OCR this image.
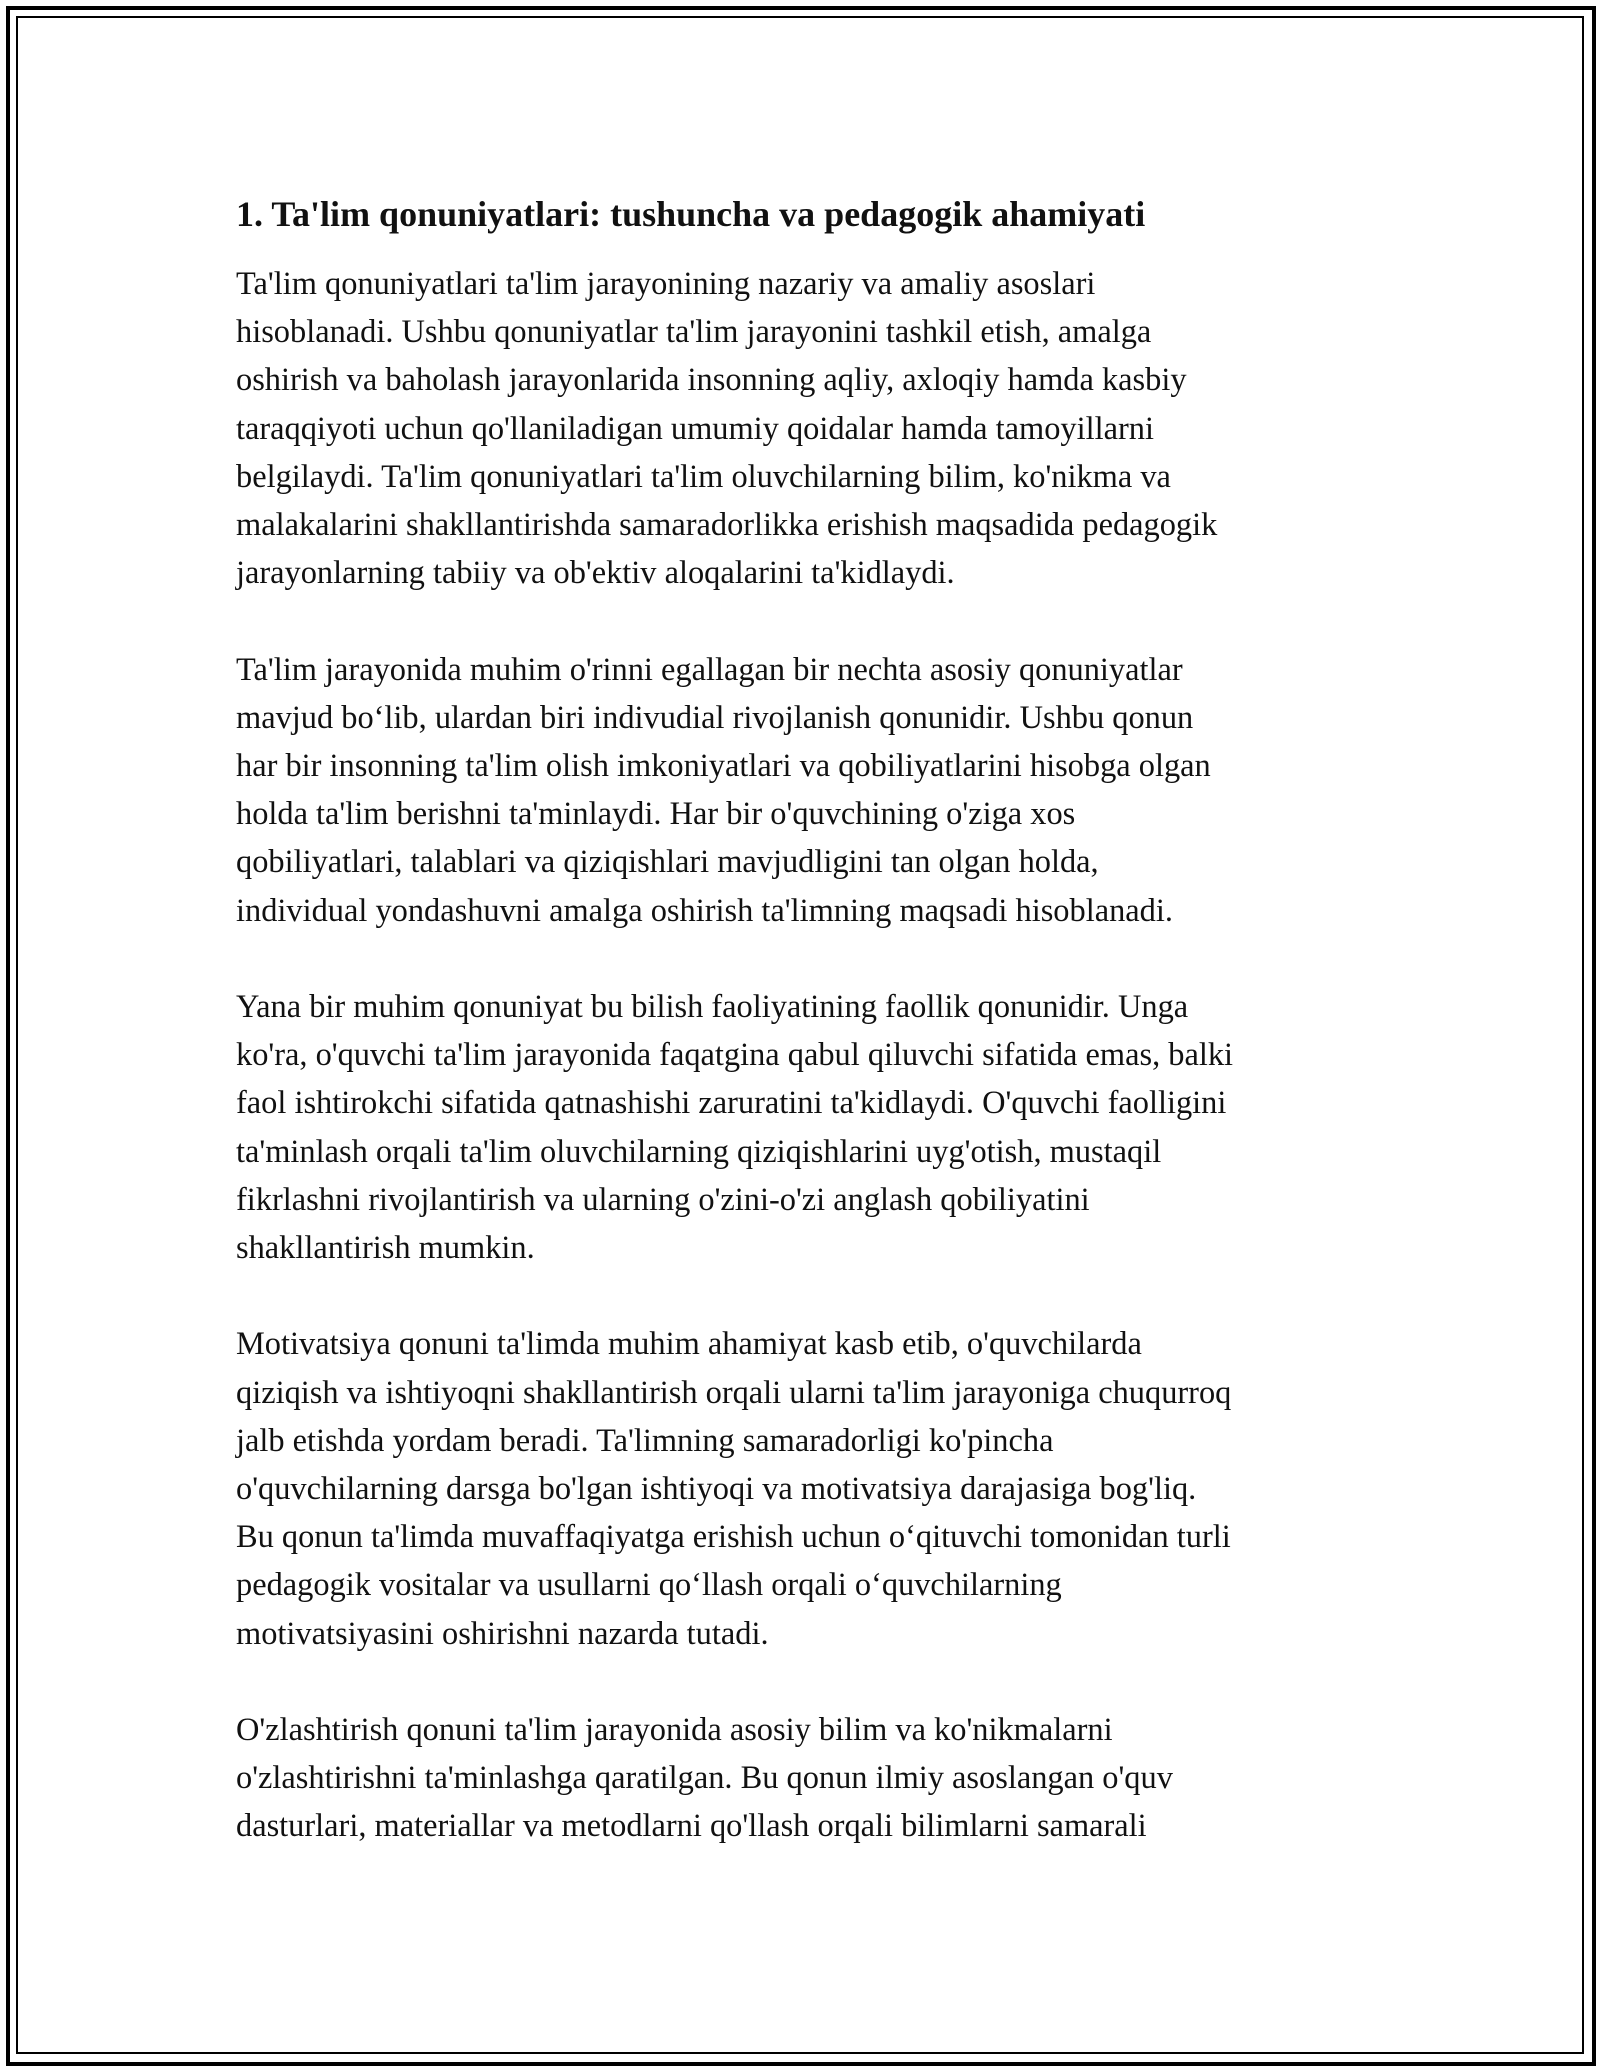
1. Ta'lim qonuniyatlari: tushuncha va pedagogik ahamiyati
Ta'lim qonuniyatlari ta'lim jarayonining nazariy va amaliy asoslari
hisoblanadi. Ushbu qonuniyatlar ta'lim jarayonini tashkil etish, amalga
oshirish va baholash jarayonlarida insonning aqliy, axloqiy hamda kasbiy
taraqqiyoti uchun qo'llaniladigan umumiy qoidalar hamda tamoyillarni
belgilaydi. Ta'lim qonuniyatlari ta'lim oluvchilarning bilim, ko'nikma va
malakalarini shakllantirishda samaradorlikka erishish maqsadida pedagogik
jarayonlarning tabiiy va ob'ektiv aloqalarini ta'kidlaydi.
Ta'lim jarayonida muhim o'rinni egallagan bir nechta asosiy qonuniyatlar
mavjud bo‘lib, ulardan biri indivudial rivojlanish qonunidir. Ushbu qonun
har bir insonning ta'lim olish imkoniyatlari va qobiliyatlarini hisobga olgan
holda ta'lim berishni ta'minlaydi. Har bir o'quvchining o'ziga xos
qobiliyatlari, talablari va qiziqishlari mavjudligini tan olgan holda,
individual yondashuvni amalga oshirish ta'limning maqsadi hisoblanadi.
Yana bir muhim qonuniyat bu bilish faoliyatining faollik qonunidir. Unga
ko'ra, o'quvchi ta'lim jarayonida faqatgina qabul qiluvchi sifatida emas, balki
faol ishtirokchi sifatida qatnashishi zaruratini ta'kidlaydi. O'quvchi faolligini
ta'minlash orqali ta'lim oluvchilarning qiziqishlarini uyg'otish, mustaqil
fikrlashni rivojlantirish va ularning o'zini-o'zi anglash qobiliyatini
shakllantirish mumkin.
Motivatsiya qonuni ta'limda muhim ahamiyat kasb etib, o'quvchilarda
qiziqish va ishtiyoqni shakllantirish orqali ularni ta'lim jarayoniga chuqurroq
jalb etishda yordam beradi. Ta'limning samaradorligi ko'pincha
o'quvchilarning darsga bo'lgan ishtiyoqi va motivatsiya darajasiga bog'liq.
Bu qonun ta'limda muvaffaqiyatga erishish uchun o‘qituvchi tomonidan turli
pedagogik vositalar va usullarni qo‘llash orqali o‘quvchilarning
motivatsiyasini oshirishni nazarda tutadi.
O'zlashtirish qonuni ta'lim jarayonida asosiy bilim va ko'nikmalarni
o'zlashtirishni ta'minlashga qaratilgan. Bu qonun ilmiy asoslangan o'quv
dasturlari, materiallar va metodlarni qo'llash orqali bilimlarni samarali
